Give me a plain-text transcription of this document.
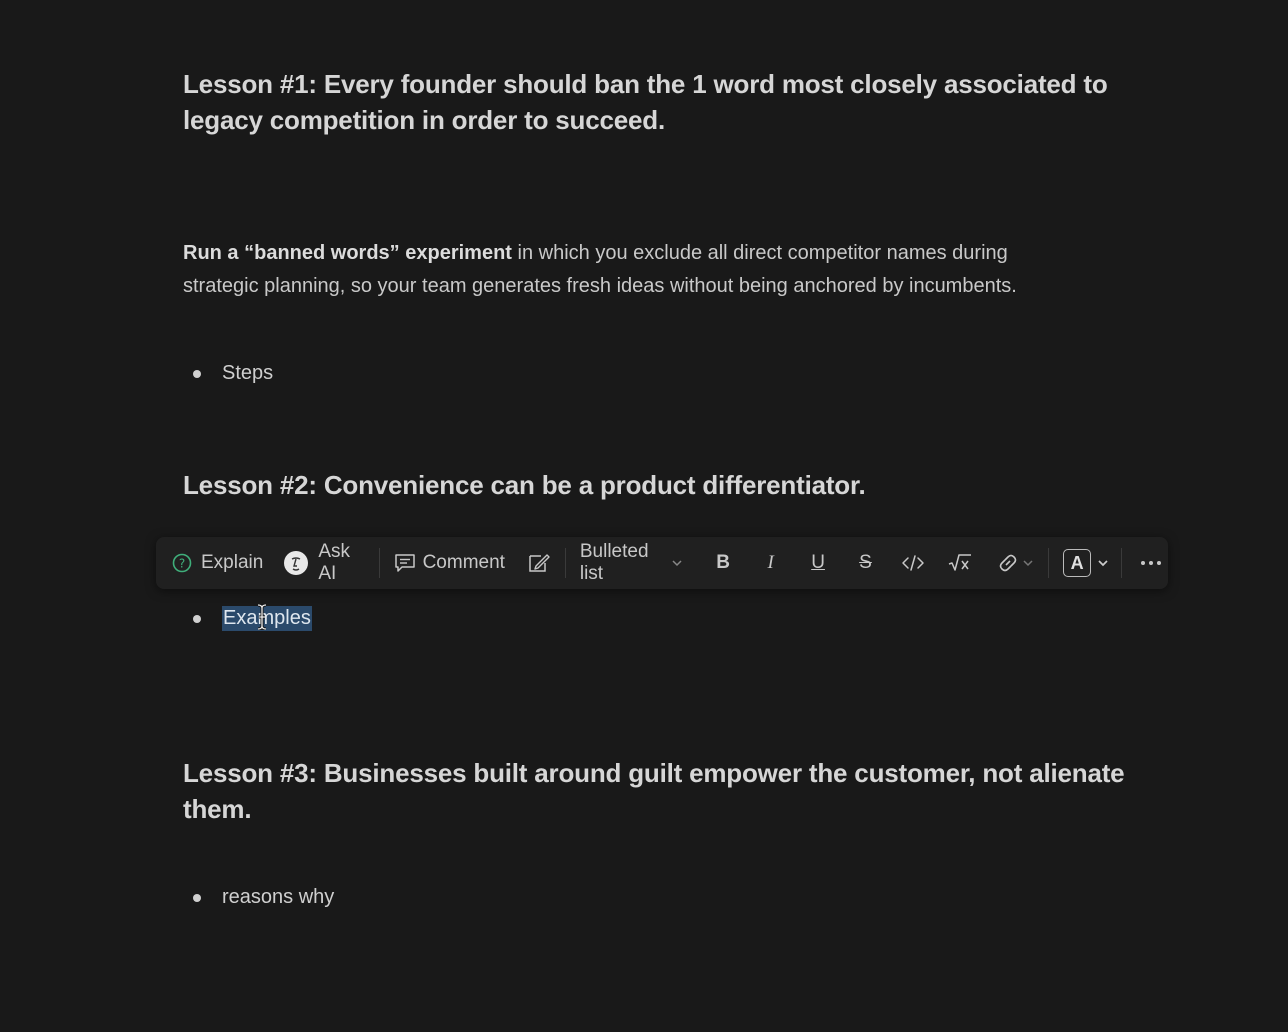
Lesson #1: Every founder should ban the 1 word most closely associated to
legacy competition in order to succeed.
Run a “banned words” experiment in which you exclude all direct competitor names during
strategic planning, so your team generates fresh ideas without being anchored by incumbents.
Steps
Lesson #2: Convenience can be a product differentiator.
? Explain
Ask AI
Comment
Bulleted list
B I U S	A
Examples
Lesson #3: Businesses built around guilt empower the customer, not alienate
them.
reasons why
